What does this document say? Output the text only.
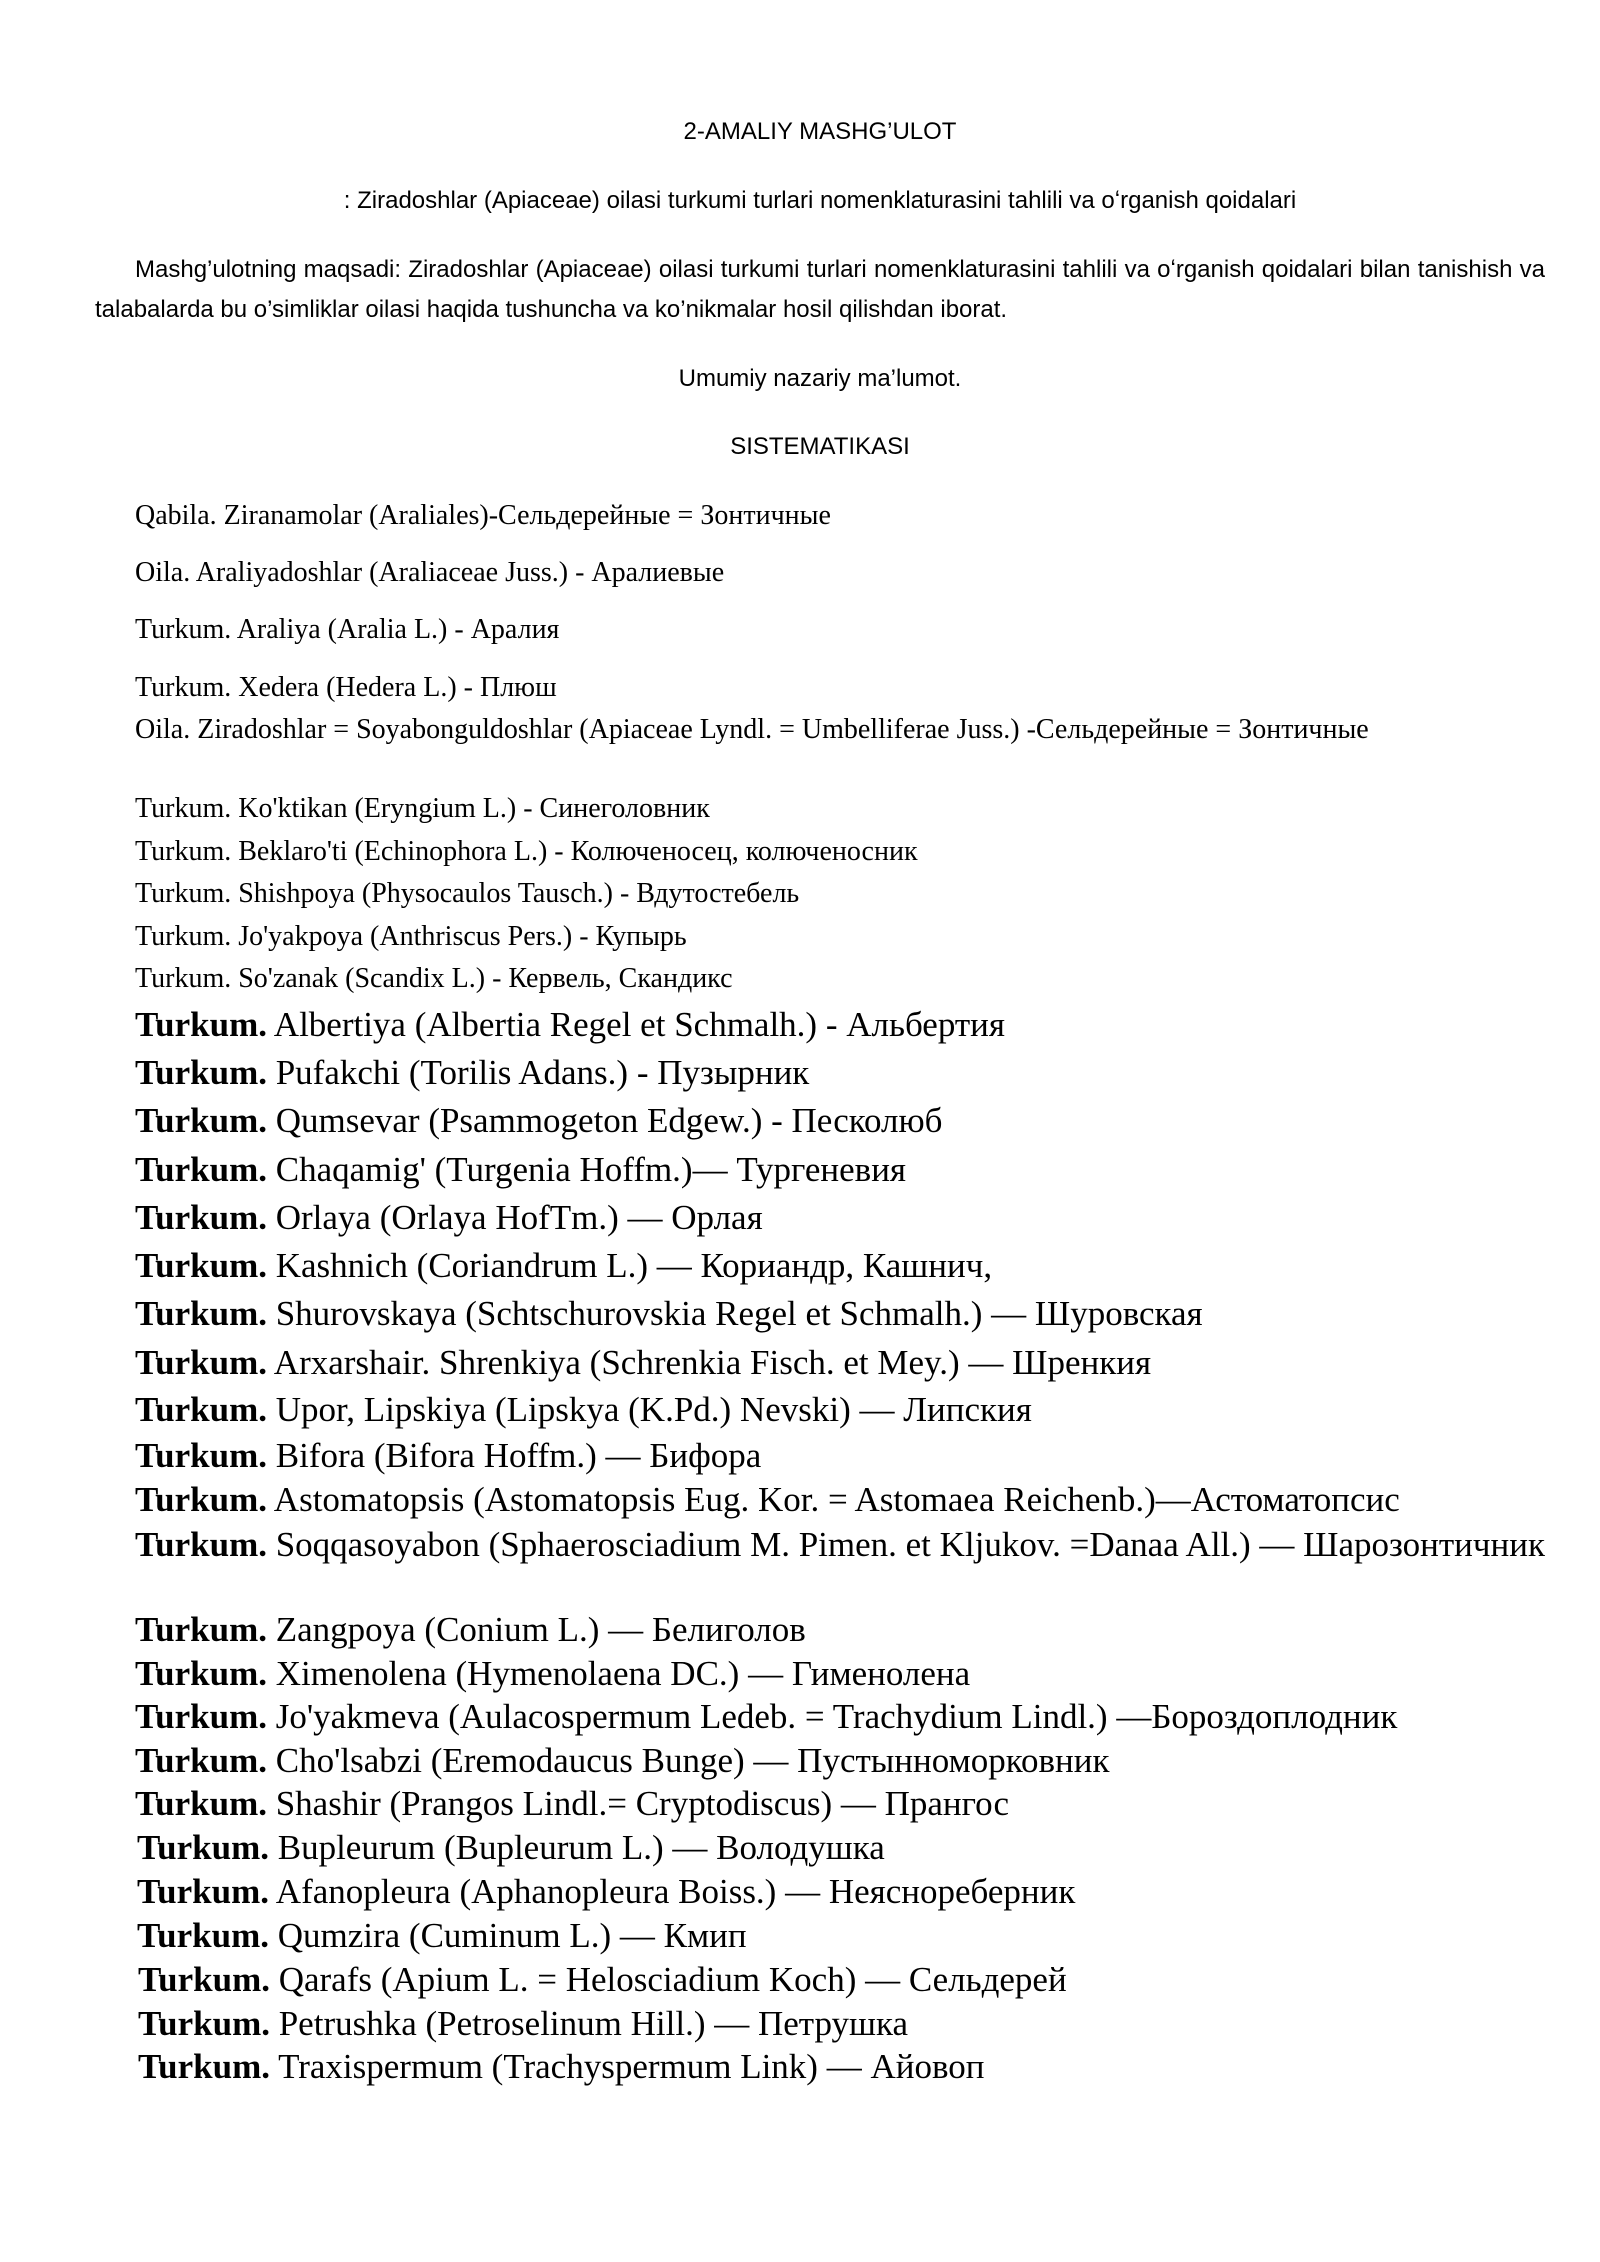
2-AMALIY MASHG’ULOT
: Ziradoshlar (Apiaceae) oilasi turkumi turlari nomenklaturasini tahlili va oʻrganish qoidalari
Mashg’ulotning maqsadi: Ziradoshlar (Apiaceae) oilasi turkumi turlari nomenklaturasini tahlili va oʻrganish qoidalari bilan tanishish va talabalarda bu o’simliklar oilasi haqida tushuncha va ko’nikmalar hosil qilishdan iborat.
Umumiy nazariy ma’lumot.
SISTEMATIKASI
Qabila. Ziranamolar (Araliales)-Сельдерейные = Зонтичные
Oila. Araliyadoshlar (Araliaceae Juss.) - Аралиевые
Turkum. Araliya (Aralia L.) - Аралия
Turkum. Xedera (Hedera L.) - Плюш
Oila. Ziradoshlar = Soyabonguldoshlar (Apiaceae Lyndl. = Umbelliferae Juss.) -Сельдерейные = Зонтичные
Turkum. Ko'ktikan (Eryngium L.) - Синеголовник
Turkum. Beklaro'ti (Echinophora L.) - Колюченосец, колюченосник
Turkum. Shishpoya (Physocaulos Tausch.) - Вдутостебель
Turkum. Jo'yakpoya (Anthriscus Pers.) - Купырь
Turkum. So'zanak (Scandix L.) - Кервель, Скандикс
Turkum. Albertiya (Albertia Regel et Schmalh.) - Альбертия
Turkum. Pufakchi (Torilis Adans.) - Пузырник
Turkum. Qumsevar (Psammogeton Edgew.) - Песколюб
Turkum. Chaqamig' (Turgenia Hoffm.)— Тургеневия
Turkum. Orlaya (Orlaya HofTm.) — Орлая
Turkum. Kashnich (Coriandrum L.) — Кориандр, Кашнич,
Turkum. Shurovskaya (Schtschurovskia Regel et Schmalh.) — Шуровская
Turkum. Arxarshair. Shrenkiya (Schrenkia Fisch. et Mey.) — Шренкия
Turkum. Upor, Lipskiya (Lipskya (K.Pd.) Nevski) — Липския
Turkum. Bifora (Bifora Hoffm.) — Бифора
Turkum. Astomatopsis (Astomatopsis Eug. Kor. = Astomaea Reichenb.)—Астоматопсис
Turkum. Soqqasoyabon (Sphaerosciadium M. Pimen. et Kljukov. =Danaa All.) — Шарозонтичник
Turkum. Zangpoya (Conium L.) — Белиголов
Turkum. Ximenolena (Hymenolaena DC.) — Гименолена
Turkum. Jo'yakmeva (Aulacospermum Ledeb. = Trachydium Lindl.) —Бороздоплодник
Turkum. Cho'lsabzi (Eremodaucus Bunge) — Пустынноморковник
Turkum. Shashir (Prangos Lindl.= Cryptodiscus) — Прангос
Turkum. Bupleurum (Bupleurum L.) — Володушка
Turkum. Afanopleura (Aphanopleura Boiss.) — Неяснореберник
Turkum. Qumzira (Cuminum L.) — Кмип
Turkum. Qarafs (Apium L. = Helosciadium Koch) — Сельдерей
Turkum. Petrushka (Petroselinum Hill.) — Петрушка
Turkum. Traxispermum (Trachyspermum Link) — Айовоп
